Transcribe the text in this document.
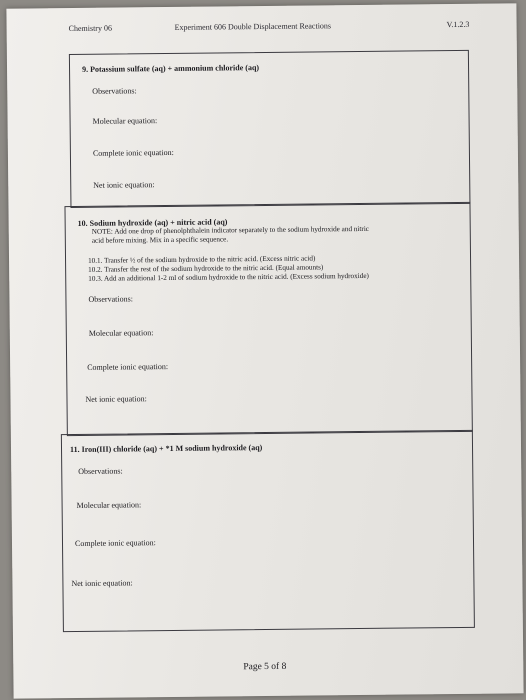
Chemistry 06	Experiment 606 Double Displacement Reactions	V.1.2.3
9. Potassium sulfate (aq) + ammonium chloride (aq)
Observations:
Molecular equation:
Complete ionic equation:
Net ionic equation:
10. Sodium hydroxide (aq) + nitric acid (aq)
NOTE: Add one drop of phenolphthalein indicator separately to the sodium hydroxide and nitric
acid before mixing. Mix in a specific sequence.
10.1. Transfer ½ of the sodium hydroxide to the nitric acid. (Excess nitric acid)
10.2. Transfer the rest of the sodium hydroxide to the nitric acid. (Equal amounts)
10.3. Add an additional 1-2 ml of sodium hydroxide to the nitric acid. (Excess sodium hydroxide)
Observations:
Molecular equation:
Complete ionic equation:
Net ionic equation:
11. Iron(III) chloride (aq) + *1 M sodium hydroxide (aq)
Observations:
Molecular equation:
Complete ionic equation:
Net ionic equation:
Page 5 of 8
